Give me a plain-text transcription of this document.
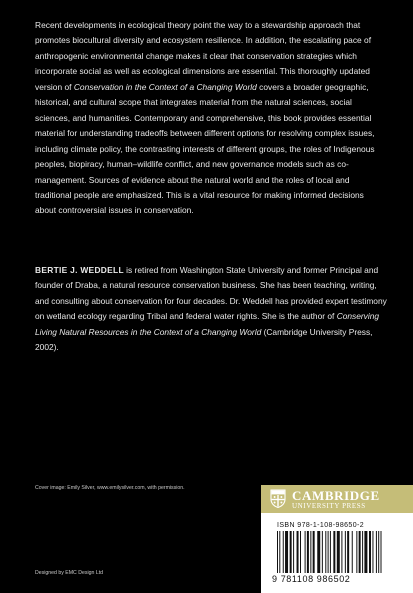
Recent developments in ecological theory point the way to a stewardship approach that promotes biocultural diversity and ecosystem resilience. In addition, the escalating pace of anthropogenic environmental change makes it clear that conservation strategies which incorporate social as well as ecological dimensions are essential. This thoroughly updated version of Conservation in the Context of a Changing World covers a broader geographic, historical, and cultural scope that integrates material from the natural sciences, social sciences, and humanities. Contemporary and comprehensive, this book provides essential material for understanding tradeoffs between different options for resolving complex issues, including climate policy, the contrasting interests of different groups, the roles of Indigenous peoples, biopiracy, human–wildlife conflict, and new governance models such as co-management. Sources of evidence about the natural world and the roles of local and traditional people are emphasized. This is a vital resource for making informed decisions about controversial issues in conservation.

BERTIE J. WEDDELL is retired from Washington State University and former Principal and founder of Draba, a natural resource conservation business. She has been teaching, writing, and consulting about conservation for four decades. Dr. Weddell has provided expert testimony on wetland ecology regarding Tribal and federal water rights. She is the author of Conserving Living Natural Resources in the Context of a Changing World (Cambridge University Press, 2002).

Cover image: Emily Silver, www.emilysilver.com, with permission.
Designed by EMC Design Ltd
CAMBRIDGE
UNIVERSITY PRESS
ISBN 978-1-108-98650-2
9 781108 986502
